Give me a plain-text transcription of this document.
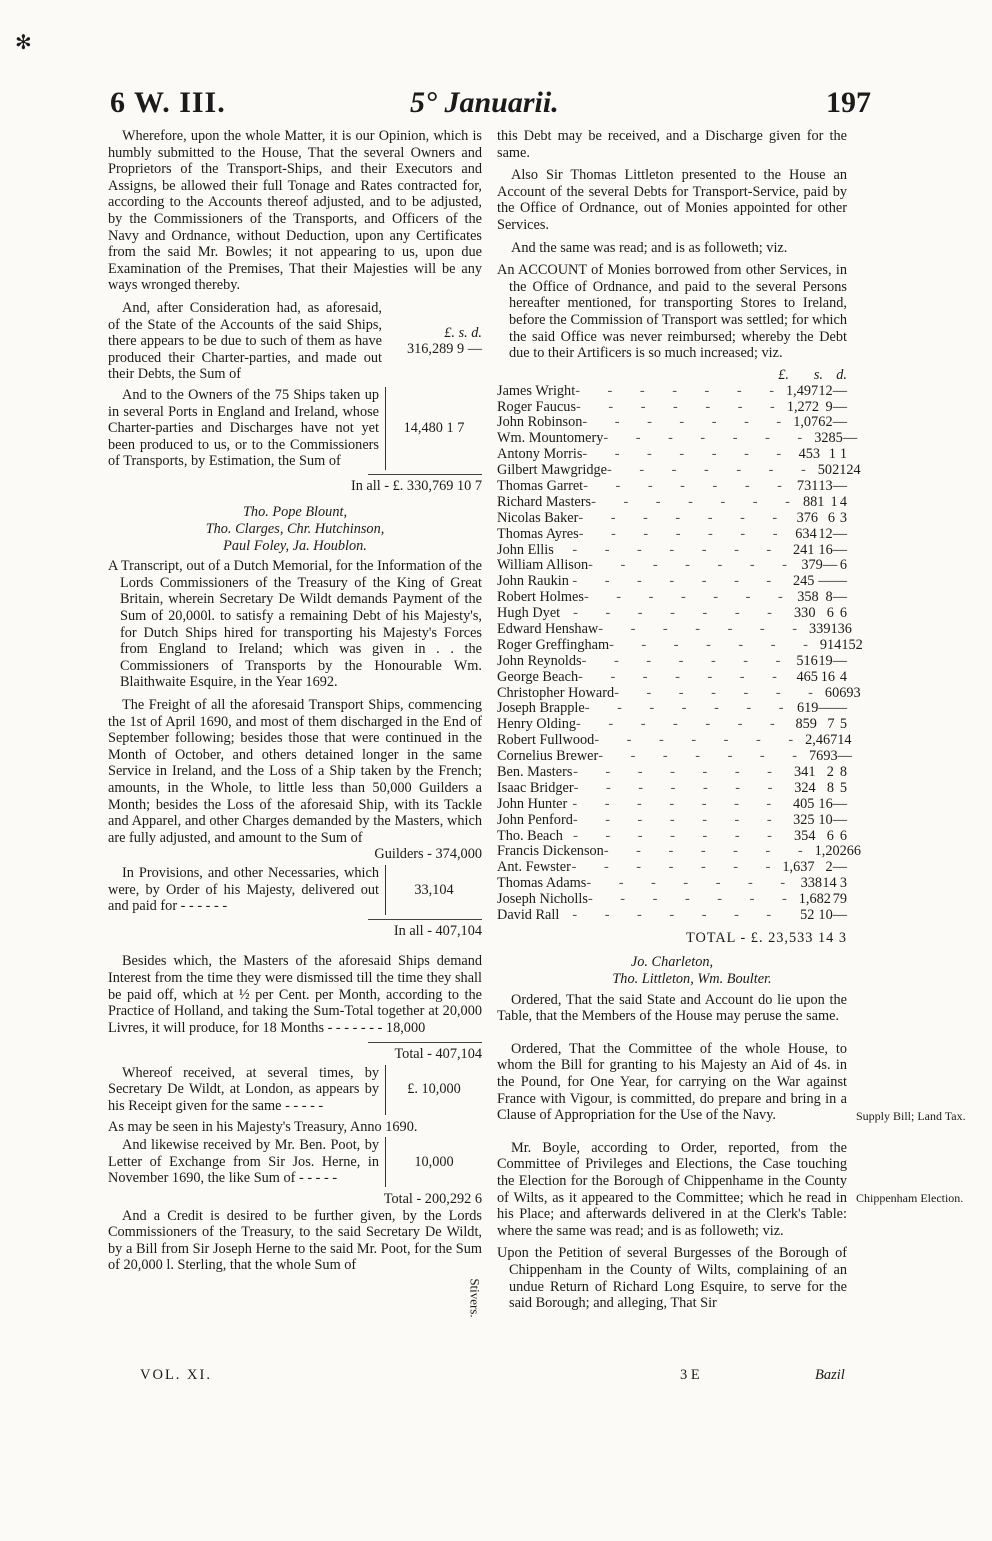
✻
6 W. III.	5° Januarii.	197

Wherefore, upon the whole Matter, it is our Opinion, which is humbly submitted to the House, That the several Owners and Proprietors of the Transport-Ships, and their Executors and Assigns, be allowed their full Tonage and Rates contracted for, according to the Accounts thereof adjusted, and to be adjusted, by the Commissioners of the Transports, and Officers of the Navy and Ordnance, without Deduction, upon any Certificates from the said Mr. Bowles; it not appearing to us, upon due Examination of the Premises, That their Majesties will be any ways wronged thereby.

And, after Consideration had, as aforesaid, of the State of the Accounts of the said Ships, there appears to be due to such of them as have produced their Charter-parties, and made out their Debts, the Sum of

£. s. d.
316,289 9 —

And to the Owners of the 75 Ships taken up in several Ports in England and Ireland, whose Charter-parties and Discharges have not yet been produced to us, or to the Commissioners of Transports, by Estimation, the Sum of

14,480 1 7
In all - £. 330,769 10 7
Tho. Pope Blount,
Tho. Clarges, Chr. Hutchinson,
Paul Foley, Ja. Houblon.

A Transcript, out of a Dutch Memorial, for the Information of the Lords Commissioners of the Treasury of the King of Great Britain, wherein Secretary De Wildt demands Payment of the Sum of 20,000l. to satisfy a remaining Debt of his Majesty's, for Dutch Ships hired for transporting his Majesty's Forces from England to Ireland; which was given in . . the Commissioners of Transports by the Honourable Wm. Blaithwaite Esquire, in the Year 1692.

The Freight of all the aforesaid Transport Ships, commencing the 1st of April 1690, and most of them discharged in the End of September following; besides those that were continued in the Month of October, and others detained longer in the same Service in Ireland, and the Loss of a Ship taken by the French; amounts, in the Whole, to little less than 50,000 Guilders a Month; besides the Loss of the aforesaid Ship, with its Tackle and Apparel, and other Charges demanded by the Masters, which are fully adjusted, and amount to the Sum of

Guilders - 374,000

In Provisions, and other Necessaries, which were, by Order of his Majesty, delivered out and paid for - - - - - -

33,104
In all - 407,104

Besides which, the Masters of the aforesaid Ships demand Interest from the time they were dismissed till the time they shall be paid off, which at ½ per Cent. per Month, according to the Practice of Holland, and taking the Sum-Total together at 20,000 Livres, it will produce, for 18 Months - - - - - - - 18,000

Total - 407,104

Whereof received, at several times, by Secretary De Wildt, at London, as appears by his Receipt given for the same - - - - -

£. 10,000

As may be seen in his Majesty's Treasury, Anno 1690.

And likewise received by Mr. Ben. Poot, by Letter of Exchange from Sir Jos. Herne, in November 1690, the like Sum of - - - - -

10,000
Total - 200,292 6

And a Credit is desired to be further given, by the Lords Commissioners of the Treasury, to the said Secretary De Wildt, by a Bill from Sir Joseph Herne to the said Mr. Poot, for the Sum of 20,000 l. Sterling, that the whole Sum of

Stivers.

this Debt may be received, and a Discharge given for the same.

Also Sir Thomas Littleton presented to the House an Account of the several Debts for Transport-Service, paid by the Office of Ordnance, out of Monies appointed for other Services.

And the same was read; and is as followeth; viz.

An ACCOUNT of Monies borrowed from other Services, in the Office of Ordnance, and paid to the several Persons hereafter mentioned, for transporting Stores to Ireland, before the Commission of Transport was settled; for which the said Office was never reimbursed; whereby the Debt due to their Artificers is so much increased; viz.

£.	s. d.
James Wright - - - - - - - 1,497 12 —
Roger Faucus - - - - - - - 1,272 9 —
John Robinson - - - - - - - 1,076 2 —
Wm. Mountomery - - - - - - - 328 5 —
Antony Morris - - - - - - - 453 1 1
Gilbert Mawgridge - - - - - - - 502 12 4
Thomas Garret - - - - - - - 731 13 —
Richard Masters - - - - - - - 881 1 4
Nicolas Baker - - - - - - - 376 6 3
Thomas Ayres - - - - - - - 634 12 —
John Ellis	- - - - - - - 241 16 —
William Allison - - - - - - - 379 — 6
John Raukin - - - - - - - 245 — —
Robert Holmes - - - - - - - 358 8 —
Hugh Dyet - - - - - - - 330 6 6
Edward Henshaw - - - - - - - 339 13 6
Roger Greffingham - - - - - - - 914 15 2
John Reynolds - - - - - - - 516 19 —
George Beach - - - - - - - 465 16 4
Christopher Howard - - - - - - - 606 9 3
Joseph Brapple - - - - - - - 619 — —
Henry Olding - - - - - - - 859 7 5
Robert Fullwood - - - - - - - 2,467 1 4
Cornelius Brewer - - - - - - - 769 3 —
Ben. Masters - - - - - - - 341 2 8
Isaac Bridger - - - - - - - 324 8 5
John Hunter - - - - - - - 405 16 —
John Penford - - - - - - - 325 10 —
Tho. Beach - - - - - - - 354 6 6
Francis Dickenson - - - - - - - 1,202 6 6
Ant. Fewster - - - - - - - 1,637 2 —
Thomas Adams - - - - - - - 338 14 3
Joseph Nicholls - - - - - - - 1,682 7 9
David Rall - - - - - - -	52 10 —
TOTAL - £. 23,533 14 3
Jo. Charleton,
Tho. Littleton, Wm. Boulter.

Ordered, That the said State and Account do lie upon the Table, that the Members of the House may peruse the same.

Ordered, That the Committee of the whole House, to whom the Bill for granting to his Majesty an Aid of 4s. in the Pound, for One Year, for carrying on the War against France with Vigour, is committed, do prepare and bring in a Clause of Appropriation for the Use of the Navy.

Mr. Boyle, according to Order, reported, from the Committee of Privileges and Elections, the Case touching the Election for the Borough of Chippenhame in the County of Wilts, as it appeared to the Committee; which he read in his Place; and afterwards delivered in at the Clerk's Table: where the same was read; and is as followeth; viz.

Upon the Petition of several Burgesses of the Borough of Chippenham in the County of Wilts, complaining of an undue Return of Richard Long Esquire, to serve for the said Borough; and alleging, That Sir

Supply Bill; Land Tax.
Chippenham Election.
VOL. XI.	3 E	Bazil
